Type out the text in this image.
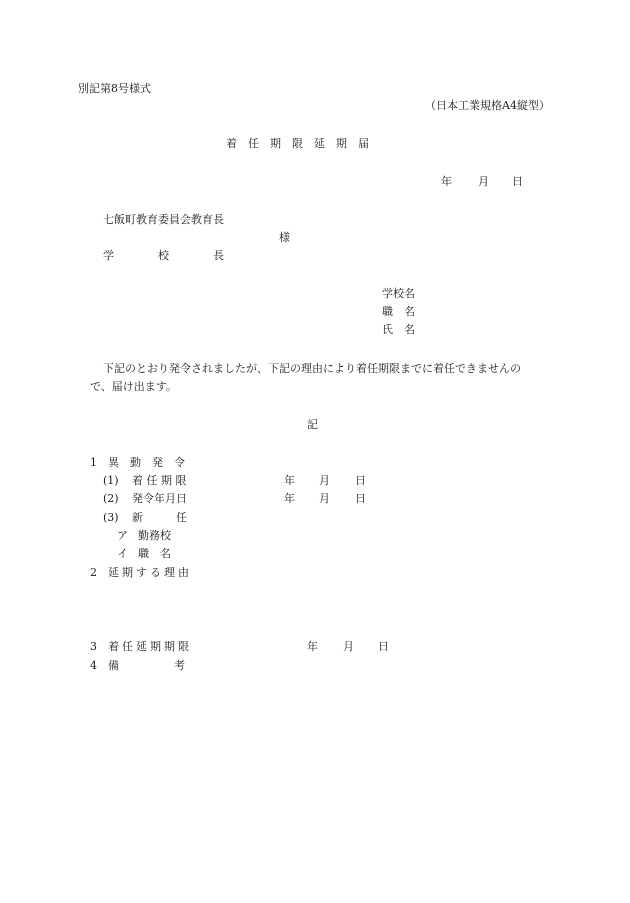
別記第8号様式
（日本工業規格A4縦型）
着　任　期　限　延　期　届
年 月 日
七飯町教育委員会教育長
様
学　　　　校　　　　長
学校名
職　名
氏　名
下記のとおり発令されましたが、下記の理由により着任期限までに着任できませんの
で、届け出ます。
記
1 異　動　発　令
(1) 着 任 期 限	年 月 日
(2) 発令年月日	年 月 日
(3) 新　　　任
ア 勤務校
イ 職　名
2 延期する理由
3 着任延期期限	年 月 日
4 備　　　　　考
